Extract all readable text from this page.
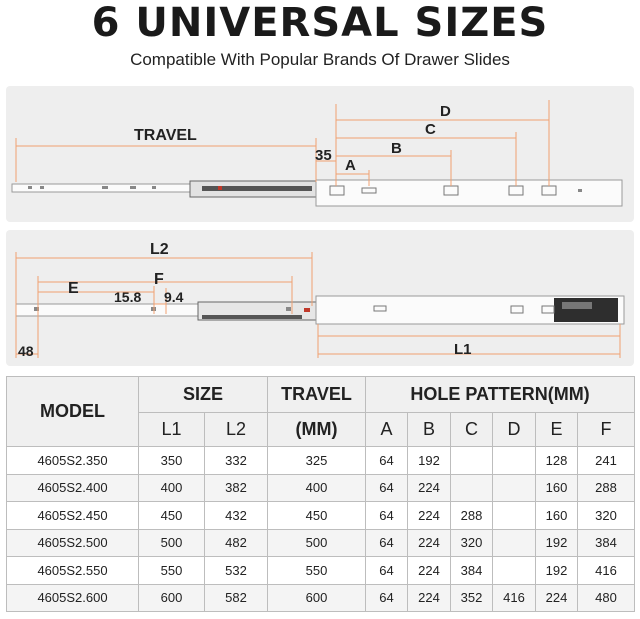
6 UNIVERSAL SIZES
Compatible With Popular Brands Of Drawer Slides
TRAVEL
35
A
B
C
D
L2
F
E	15.8 9.4
48	L1
MODEL	SIZE		TRAVEL	HOLE PATTERN(MM)					
	L1	L2	(MM)	A	B	C	D	E	F
4605S2.350	350	332	325	64	192			128	241
4605S2.400	400	382	400	64	224			160	288
4605S2.450	450	432	450	64	224	288		160	320
4605S2.500	500	482	500	64	224	320		192	384
4605S2.550	550	532	550	64	224	384		192	416
4605S2.600	600	582	600	64	224	352	416	224	480
